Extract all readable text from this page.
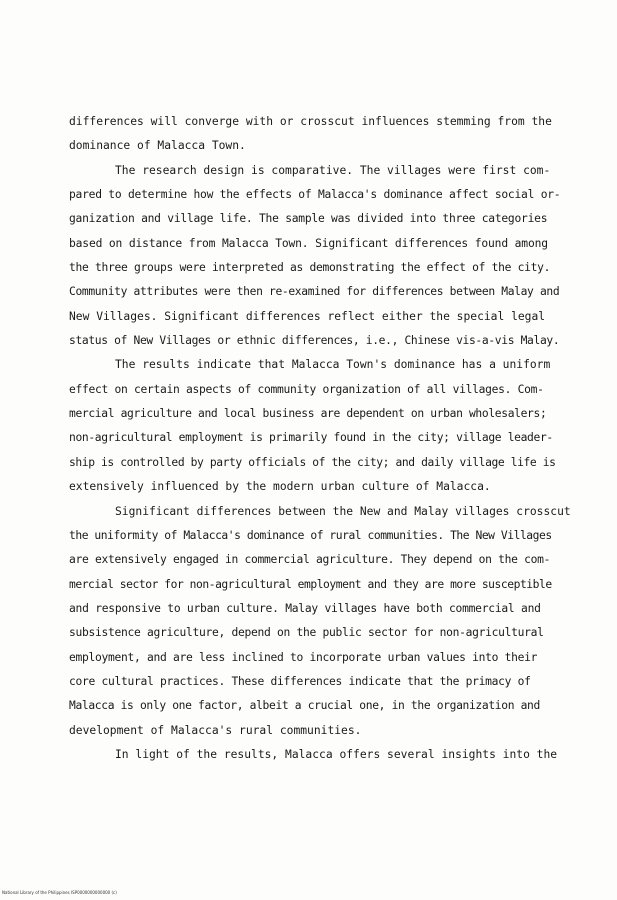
differences will converge with or crosscut influences stemming from the
dominance of Malacca Town.
The research design is comparative. The villages were first com-
pared to determine how the effects of Malacca's dominance affect social or-
ganization and village life. The sample was divided into three categories
based on distance from Malacca Town. Significant differences found among
the three groups were interpreted as demonstrating the effect of the city.
Community attributes were then re-examined for differences between Malay and
New Villages. Significant differences reflect either the special legal
status of New Villages or ethnic differences, i.e., Chinese vis-a-vis Malay.
The results indicate that Malacca Town's dominance has a uniform
effect on certain aspects of community organization of all villages. Com-
mercial agriculture and local business are dependent on urban wholesalers;
non-agricultural employment is primarily found in the city; village leader-
ship is controlled by party officials of the city; and daily village life is
extensively influenced by the modern urban culture of Malacca.
Significant differences between the New and Malay villages crosscut
the uniformity of Malacca's dominance of rural communities. The New Villages
are extensively engaged in commercial agriculture. They depend on the com-
mercial sector for non-agricultural employment and they are more susceptible
and responsive to urban culture. Malay villages have both commercial and
subsistence agriculture, depend on the public sector for non-agricultural
employment, and are less inclined to incorporate urban values into their
core cultural practices. These differences indicate that the primacy of
Malacca is only one factor, albeit a crucial one, in the organization and
development of Malacca's rural communities.
In light of the results, Malacca offers several insights into the
National Library of the Philippines ISP0000000000000 (c)
